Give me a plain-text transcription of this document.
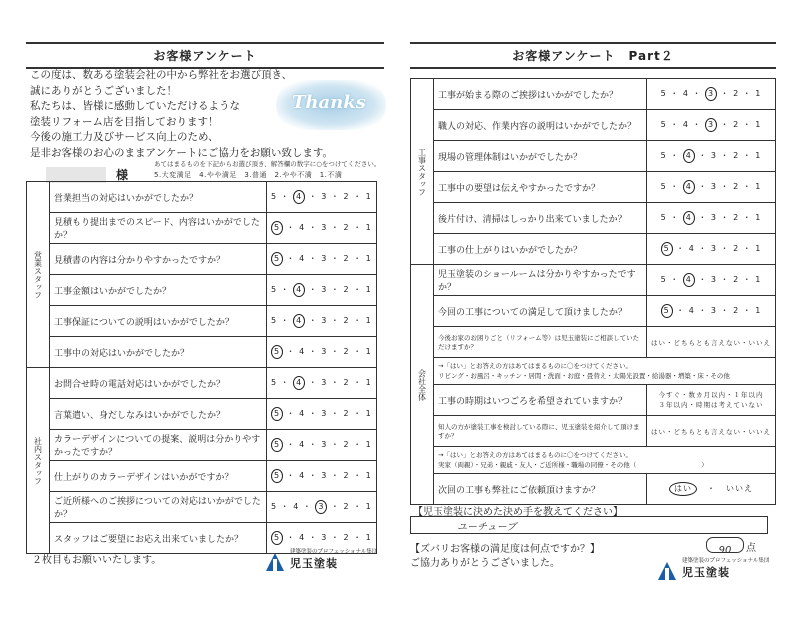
お客様アンケート
この度は、数ある塗装会社の中から弊社をお選び頂き、
誠にありがとうございました！
私たちは、皆様に感動していただけるような
塗装リフォーム店を目指しております！
今後の施工力及びサービス向上のため、
是非お客様のお心のままアンケートにご協力をお願い致します。
Thanks
様
あてはまるものを下記からお選び頂き、解答欄の数字に○をつけてください。
5.大変満足　4.やや満足　3.普通　2.やや不満　1.不満
営業スタッフ	営業担当の対応はいかがでしたか？	5 ・ 4 ・ 3 ・ 2 ・ 1
	見積もり提出までのスピード、内容はいかがでしたか？	5 ・ 4 ・ 3 ・ 2 ・ 1
	見積書の内容は分かりやすかったですか？	5 ・ 4 ・ 3 ・ 2 ・ 1
	工事金額はいかがでしたか？	5 ・ 4 ・ 3 ・ 2 ・ 1
	工事保証についての説明はいかがでしたか？	5 ・ 4 ・ 3 ・ 2 ・ 1
	工事中の対応はいかがでしたか？	5 ・ 4 ・ 3 ・ 2 ・ 1
社内スタッフ	お問合せ時の電話対応はいかがでしたか？	5 ・ 4 ・ 3 ・ 2 ・ 1
	言葉遣い、身だしなみはいかがでしたか？	5 ・ 4 ・ 3 ・ 2 ・ 1
	カラーデザインについての提案、説明は分かりやすかったですか？	5 ・ 4 ・ 3 ・ 2 ・ 1
	仕上がりのカラーデザインはいかがですか？	5 ・ 4 ・ 3 ・ 2 ・ 1
	ご近所様へのご挨拶についての対応はいかがでしたか？	5 ・ 4 ・ 3 ・ 2 ・ 1
	スタッフはご要望にお応え出来ていましたか？	5 ・ 4 ・ 3 ・ 2 ・ 1
２枚目もお願いいたします。
建築塗装のプロフェッショナル集団
児玉塗装
お客様アンケート　Part２
工事スタッフ	工事が始まる際のご挨拶はいかがでしたか？	5 ・ 4 ・ 3 ・ 2 ・ 1
	職人の対応、作業内容の説明はいかがでしたか？	5 ・ 4 ・ 3 ・ 2 ・ 1
	現場の管理体制はいかがでしたか？	5 ・ 4 ・ 3 ・ 2 ・ 1
	工事中の要望は伝えやすかったですか？	5 ・ 4 ・ 3 ・ 2 ・ 1
	後片付け、清掃はしっかり出来ていましたか？	5 ・ 4 ・ 3 ・ 2 ・ 1
	工事の仕上がりはいかがでしたか？	5 ・ 4 ・ 3 ・ 2 ・ 1
会社全体	児玉塗装のショールームは分かりやすかったですか？	5 ・ 4 ・ 3 ・ 2 ・ 1
	今回の工事についての満足して頂けましたか？	5 ・ 4 ・ 3 ・ 2 ・ 1
	今後お家のお困りごと（リフォーム等）は児玉塗装にご相談していただけますか？	はい・どちらとも言えない・いいえ

	→「はい」とお答えの方はあてはまるものに〇をつけてください。
リビング・お風呂・キッチン・居間・洗面・お庭・畳替え・太陽光設置・給湯器・増築・床・その他	

	工事の時期はいつごろを希望されていますか？	今すぐ・数カ月以内・１年以内
３年以内・時期は考えていない

	知人の方が塗装工事を検討している際に、児玉塗装を紹介して頂けますか？	はい・どちらとも言えない・いいえ

	→「はい」とお答えの方はあてはまるものに〇をつけてください。
実家（両親）・兄弟・親戚・友人・ご近所様・職場の同僚・その他（　　　　　　　　　　）	

	次回の工事も弊社にご依頼頂けますか？	はい ・ いいえ
【児玉塗装に決めた決め手を教えてください】
ユーチューブ
【ズバリお客様の満足度は何点ですか？】	90	点
ご協力ありがとうございました。	建築塗装のプロフェッショナル集団
児玉塗装
